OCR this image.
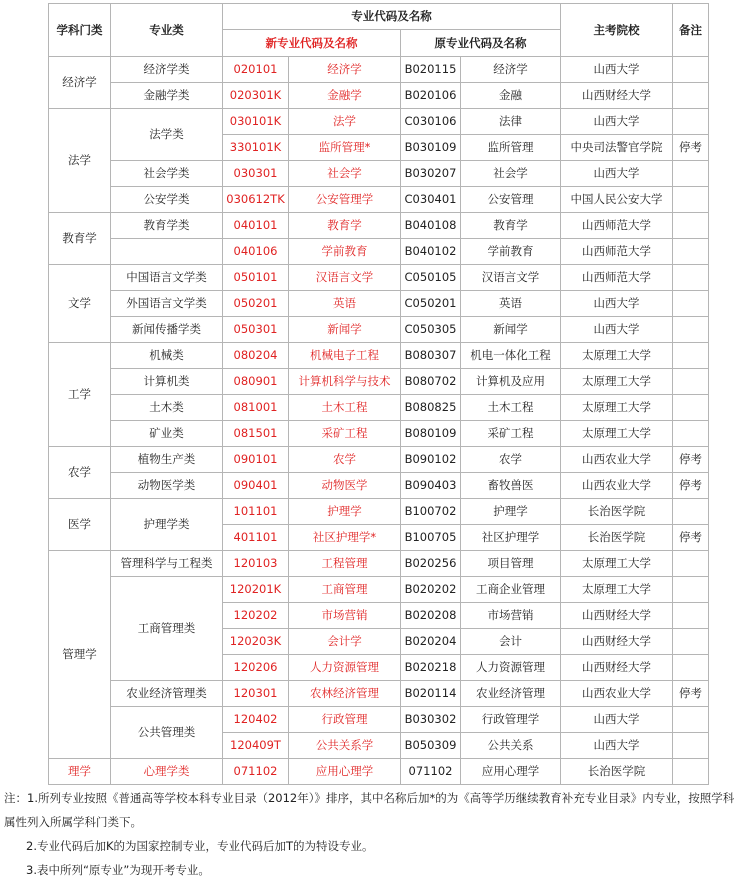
学科门类	专业类	专业代码及名称				主考院校	备注
		新专业代码及名称		原专业代码及名称			
经济学	经济学类	020101	经济学	B020115	经济学	山西大学	
	金融学类	020301K	金融学	B020106	金融	山西财经大学	
法学	法学类	030101K	法学	C030106	法律	山西大学	
		330101K	监所管理*	B030109	监所管理	中央司法警官学院	停考
	社会学类	030301	社会学	B030207	社会学	山西大学	
	公安学类	030612TK	公安管理学	C030401	公安管理	中国人民公安大学	
教育学	教育学类	040101	教育学	B040108	教育学	山西师范大学	
		040106	学前教育	B040102	学前教育	山西师范大学	
文学	中国语言文学类	050101	汉语言文学	C050105	汉语言文学	山西师范大学	
	外国语言文学类	050201	英语	C050201	英语	山西大学	
	新闻传播学类	050301	新闻学	C050305	新闻学	山西大学	
工学	机械类	080204	机械电子工程	B080307	机电一体化工程	太原理工大学	
	计算机类	080901	计算机科学与技术	B080702	计算机及应用	太原理工大学	
	土木类	081001	土木工程	B080825	土木工程	太原理工大学	
	矿业类	081501	采矿工程	B080109	采矿工程	太原理工大学	
农学	植物生产类	090101	农学	B090102	农学	山西农业大学	停考
	动物医学类	090401	动物医学	B090403	畜牧兽医	山西农业大学	停考
医学	护理学类	101101	护理学	B100702	护理学	长治医学院	
		401101	社区护理学*	B100705	社区护理学	长治医学院	停考
管理学	管理科学与工程类	120103	工程管理	B020256	项目管理	太原理工大学	
	工商管理类	120201K	工商管理	B020202	工商企业管理	太原理工大学	
		120202	市场营销	B020208	市场营销	山西财经大学	
		120203K	会计学	B020204	会计	山西财经大学	
		120206	人力资源管理	B020218	人力资源管理	山西财经大学	
	农业经济管理类	120301	农林经济管理	B020114	农业经济管理	山西农业大学	停考
	公共管理类	120402	行政管理	B030302	行政管理学	山西大学	
		120409T	公共关系学	B050309	公共关系	山西大学	
理学	心理学类	071102	应用心理学	071102	应用心理学	长治医学院	

注：1.所列专业按照《普通高等学校本科专业目录（2012年）》排序，其中名称后加*的为《高等学历继续教育补充专业目录》内专业，按照学科属性列入所属学科门类下。

2.专业代码后加K的为国家控制专业，专业代码后加T的为特设专业。

3.表中所列“原专业”为现开考专业。
